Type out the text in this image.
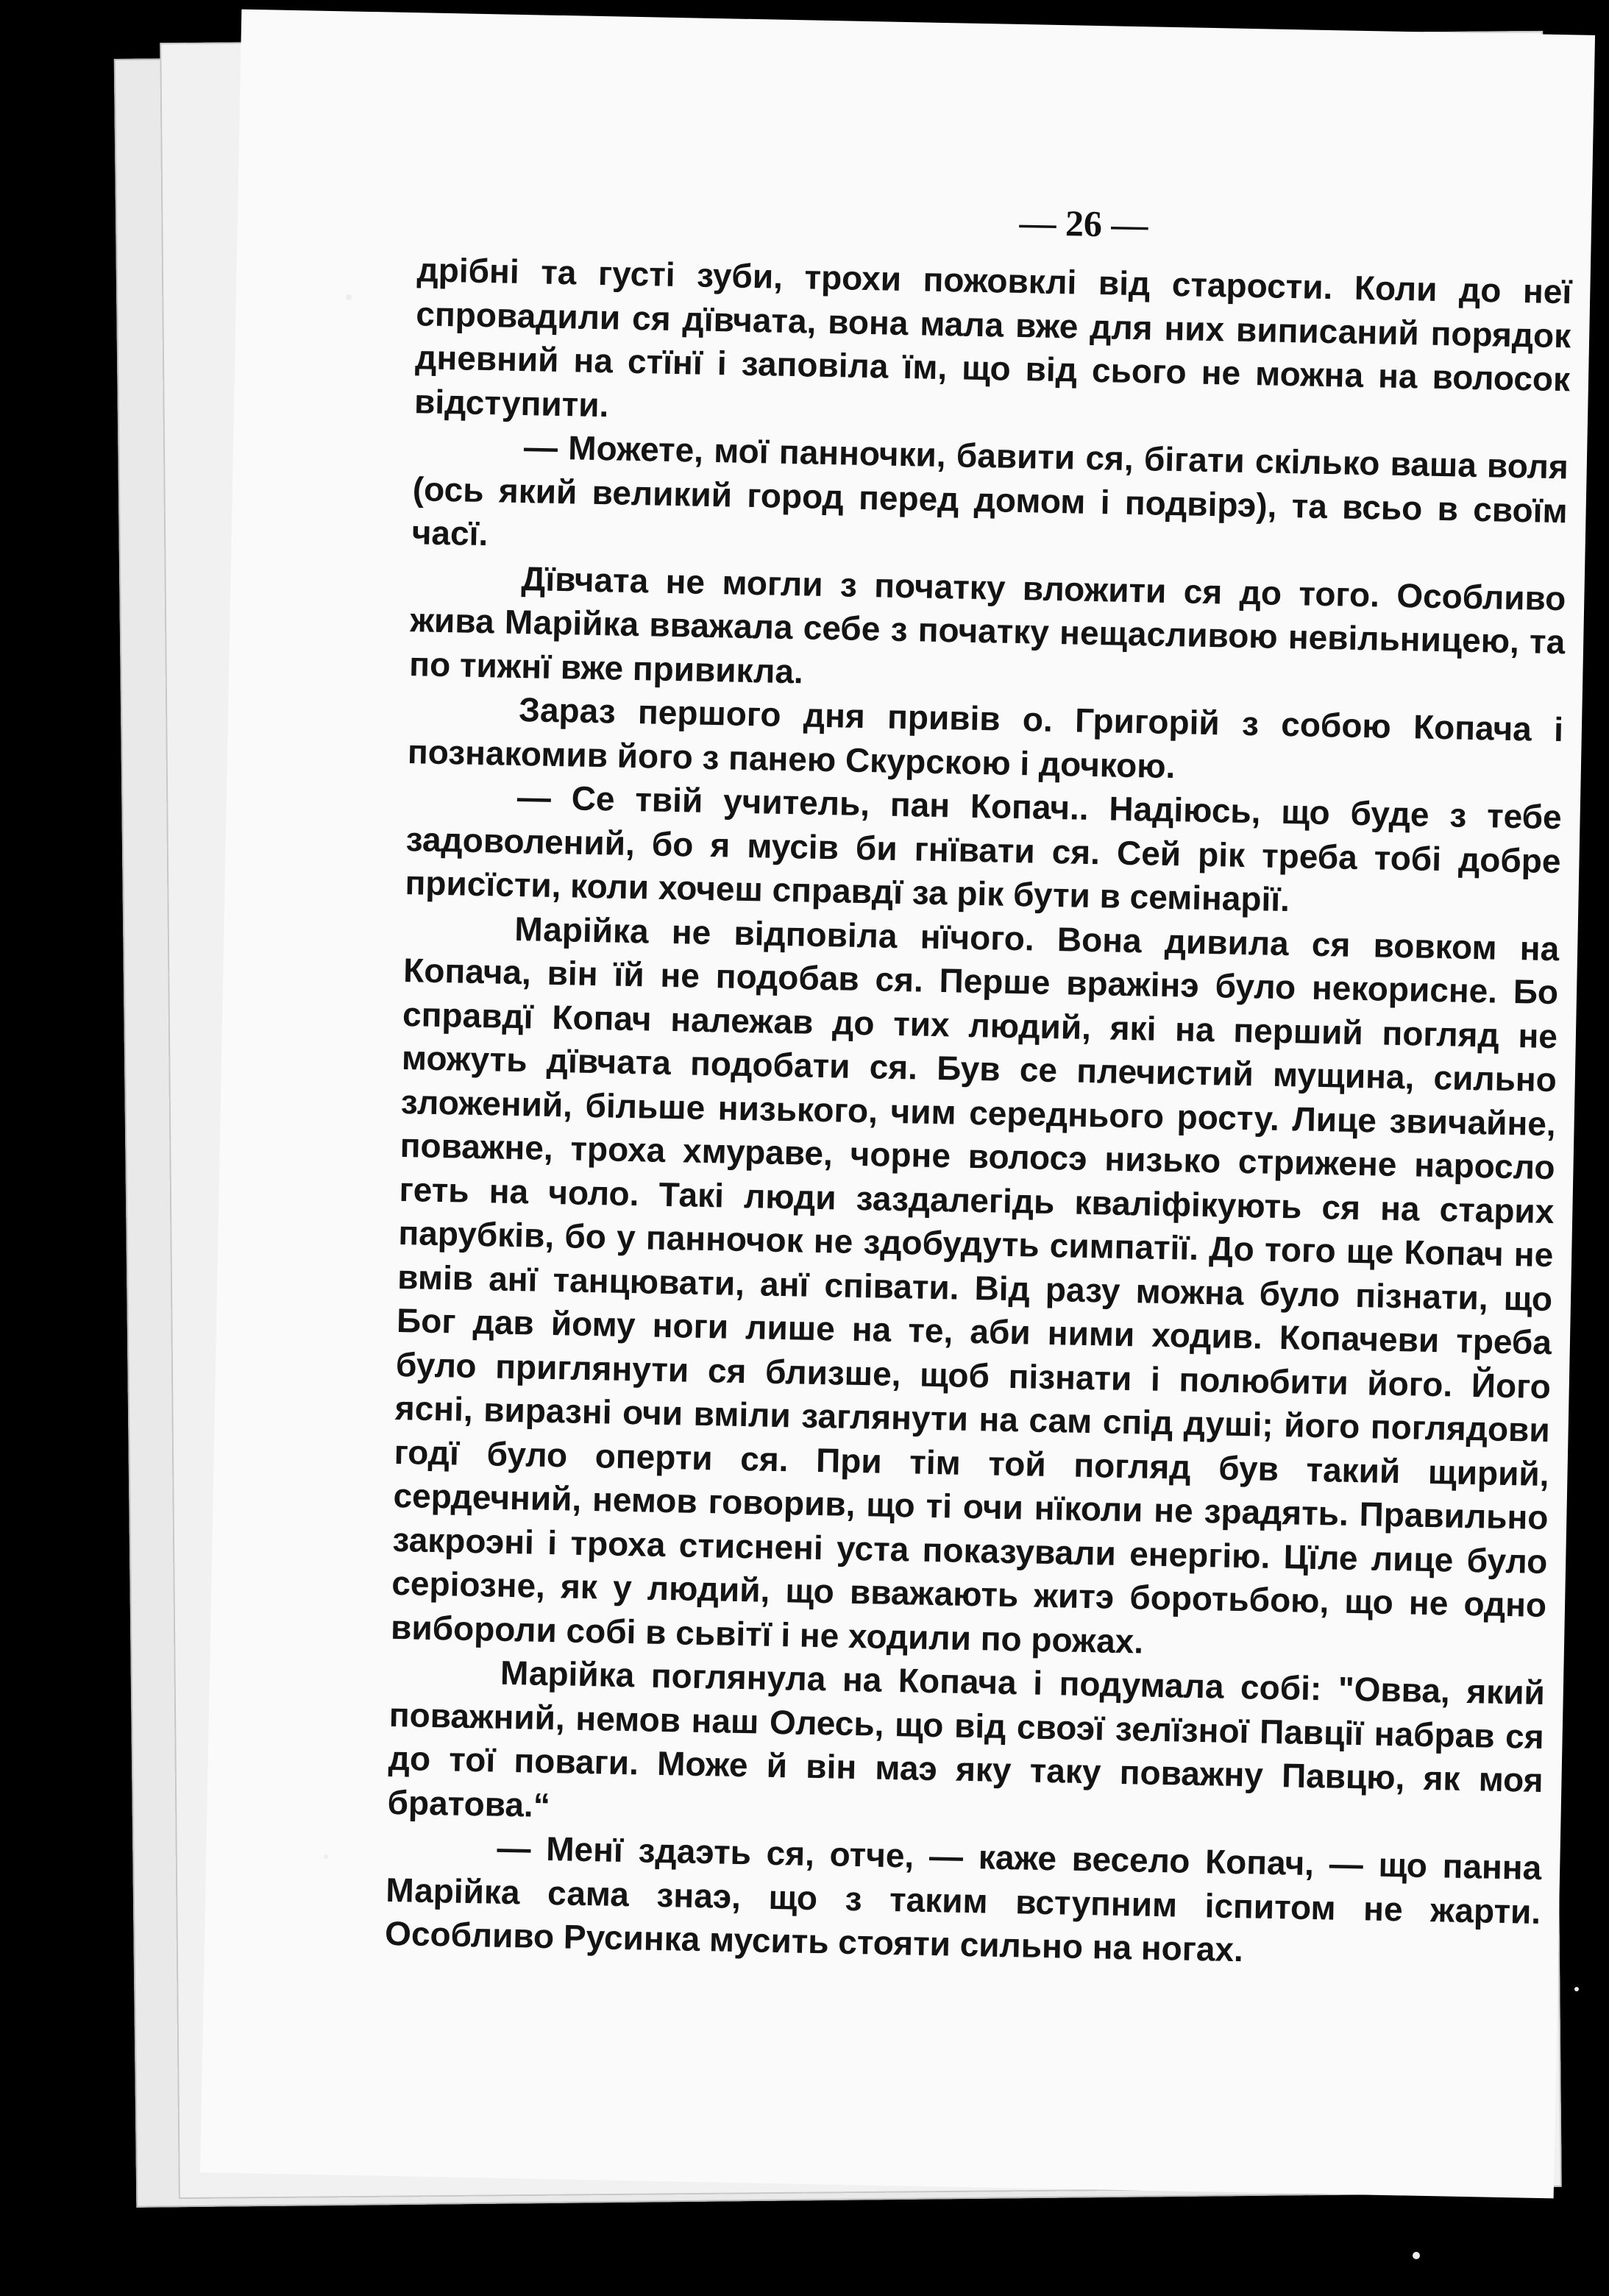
— 26 —

дрібні та густі зуби, трохи пожовклі від старости. Коли до неї спровадили ся дївчата, вона мала вже для них виписаний порядок дневний на стїнї і заповіла їм, що від сього не можна на волосок відступити.

— Можете, мої панночки, бавити ся, бігати скілько ваша воля (ось який великий город перед домом і подвірэ), та всьо в своїм часї.

Дївчата не могли з початку вложити ся до того. Особливо жива Марійка вважала себе з початку нещасливою невільницею, та по тижнї вже привикла.

Зараз першого дня привів о. Григорій з собою Копача і познакомив його з панею Скурскою і дочкою.

— Се твій учитель, пан Копач.. Надіюсь, що буде з тебе задоволений, бо я мусів би гнївати ся. Сей рік треба тобі добре присїсти, коли хочеш справдї за рік бути в семінарії.

Марійка не відповіла нїчого. Вона дивила ся вовком на Копача, він їй не подобав ся. Перше вражінэ було некорисне. Бо справдї Копач належав до тих людий, які на перший погляд не можуть дївчата подобати ся. Був се плечистий мущина, сильно зложений, більше низького, чим середнього росту. Лице звичайне, поважне, троха хмураве, чорне волосэ низько стрижене наросло геть на чоло. Такі люди заздалегідь кваліфікують ся на старих парубків, бо у панночок не здобудуть симпатії. До того ще Копач не вмів анї танцювати, анї співати. Від разу можна було пізнати, що Бог дав йому ноги лише на те, аби ними ходив. Копачеви треба було приглянути ся близше, щоб пізнати і полюбити його. Його ясні, виразні очи вміли заглянути на сам спід душі; його поглядови годї було оперти ся. При тім той погляд був такий щирий, сердечний, немов говорив, що ті очи нїколи не зрадять. Правильно закроэні і троха стиснені уста показували енергію. Цїле лице було серіозне, як у людий, що вважають житэ боротьбою, що не одно вибороли собі в сьвітї і не ходили по рожах.

Марійка поглянула на Копача і подумала собі: "Овва, який поважний, немов наш Олесь, що від своэї зелїзної Павції набрав ся до тої поваги. Може й він маэ яку таку поважну Павцю, як моя братова.“

— Менї здаэть ся, отче, — каже весело Копач, — що панна Марійка сама знаэ, що з таким вступним іспитом не жарти. Особливо Русинка мусить стояти сильно на ногах.
